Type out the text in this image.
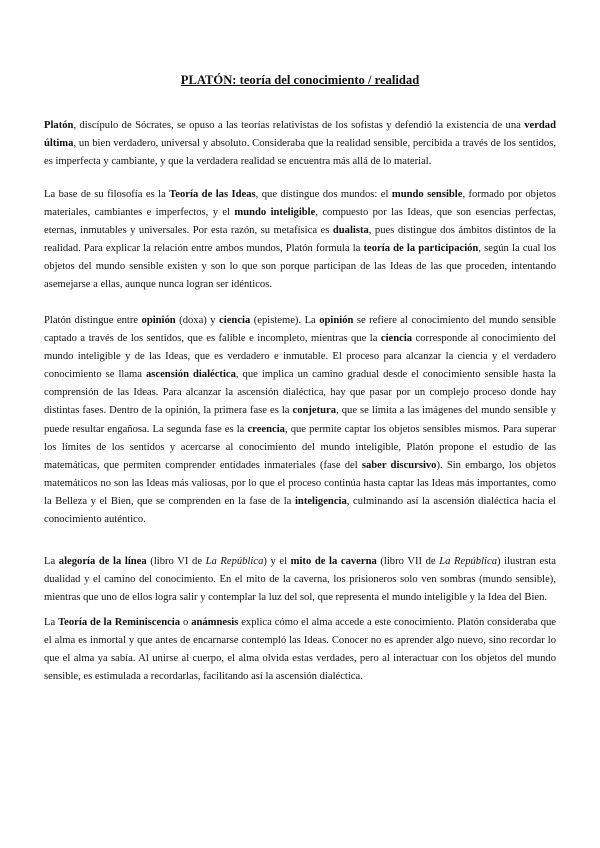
PLATÓN: teoría del conocimiento / realidad

Platón, discípulo de Sócrates, se opuso a las teorías relativistas de los sofistas y defendió la existencia de una verdad última, un bien verdadero, universal y absoluto. Consideraba que la realidad sensible, percibida a través de los sentidos, es imperfecta y cambiante, y que la verdadera realidad se encuentra más allá de lo material.

La base de su filosofía es la Teoría de las Ideas, que distingue dos mundos: el mundo sensible, formado por objetos materiales, cambiantes e imperfectos, y el mundo inteligible, compuesto por las Ideas, que son esencias perfectas, eternas, inmutables y universales. Por esta razón, su metafísica es dualista, pues distingue dos ámbitos distintos de la realidad. Para explicar la relación entre ambos mundos, Platón formula la teoría de la participación, según la cual los objetos del mundo sensible existen y son lo que son porque participan de las Ideas de las que proceden, intentando asemejarse a ellas, aunque nunca logran ser idénticos.

Platón distingue entre opinión (doxa) y ciencia (episteme). La opinión se refiere al conocimiento del mundo sensible captado a través de los sentidos, que es falible e incompleto, mientras que la ciencia corresponde al conocimiento del mundo inteligible y de las Ideas, que es verdadero e inmutable. El proceso para alcanzar la ciencia y el verdadero conocimiento se llama ascensión dialéctica, que implica un camino gradual desde el conocimiento sensible hasta la comprensión de las Ideas. Para alcanzar la ascensión dialéctica, hay que pasar por un complejo proceso donde hay distintas fases. Dentro de la opinión, la primera fase es la conjetura, que se limita a las imágenes del mundo sensible y puede resultar engañosa. La segunda fase es la creencia, que permite captar los objetos sensibles mismos. Para superar los límites de los sentidos y acercarse al conocimiento del mundo inteligible, Platón propone el estudio de las matemáticas, que permiten comprender entidades inmateriales (fase del saber discursivo). Sin embargo, los objetos matemáticos no son las Ideas más valiosas, por lo que el proceso continúa hasta captar las Ideas más importantes, como la Belleza y el Bien, que se comprenden en la fase de la inteligencia, culminando así la ascensión dialéctica hacia el conocimiento auténtico.

La alegoría de la línea (libro VI de La República) y el mito de la caverna (libro VII de La República) ilustran esta dualidad y el camino del conocimiento. En el mito de la caverna, los prisioneros solo ven sombras (mundo sensible), mientras que uno de ellos logra salir y contemplar la luz del sol, que representa el mundo inteligible y la Idea del Bien.

La Teoría de la Reminiscencia o anámnesis explica cómo el alma accede a este conocimiento. Platón consideraba que el alma es inmortal y que antes de encarnarse contempló las Ideas. Conocer no es aprender algo nuevo, sino recordar lo que el alma ya sabía. Al unirse al cuerpo, el alma olvida estas verdades, pero al interactuar con los objetos del mundo sensible, es estimulada a recordarlas, facilitando así la ascensión dialéctica.
